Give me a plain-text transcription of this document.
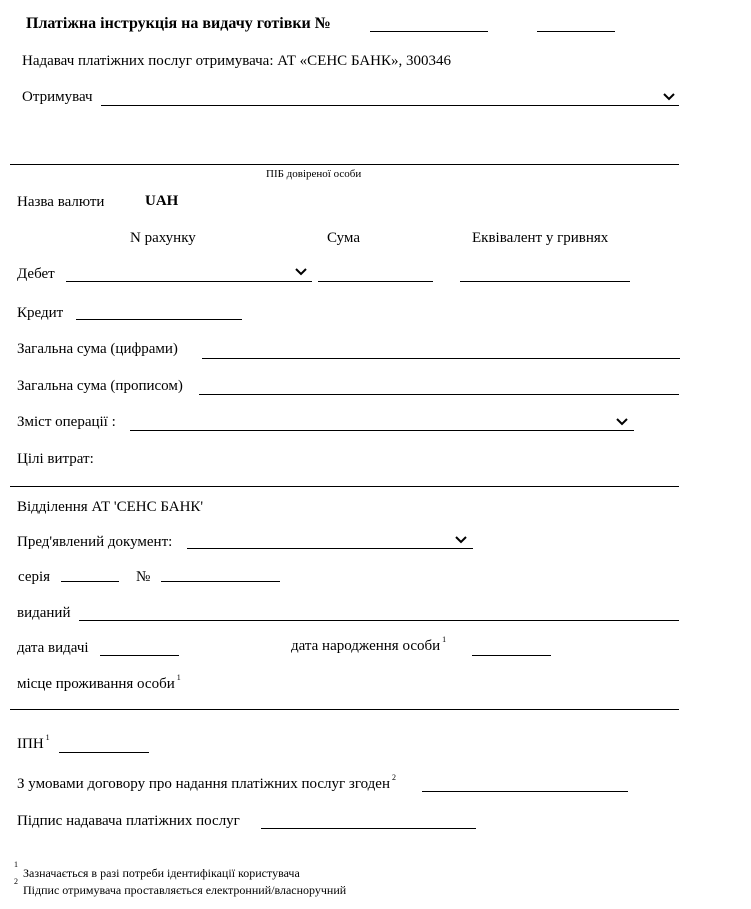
Платіжна інструкція на видачу готівки №
Надавач платіжних послуг отримувача: АТ «СЕНС БАНК», 300346
Отримувач
ПІБ довіреної особи
Назва валюти	UAH
N рахунку	Сума	Еквівалент у гривнях
Дебет
Кредит
Загальна сума (цифрами)
Загальна сума (прописом)
Зміст операції :
Цілі витрат:
Відділення АТ 'СЕНС БАНК'
Пред'явлений документ:
серія	№
виданий
дата видачі	дата народження особи $^1$
місце проживання особи $^1$
ІПН $^1$
З умовами договору про надання платіжних послуг згоден $^2$
Підпис надавача платіжних послуг
1
Зазначається в разі потреби ідентифікації користувача
2
Підпис отримувача проставляється електронний/власноручний
